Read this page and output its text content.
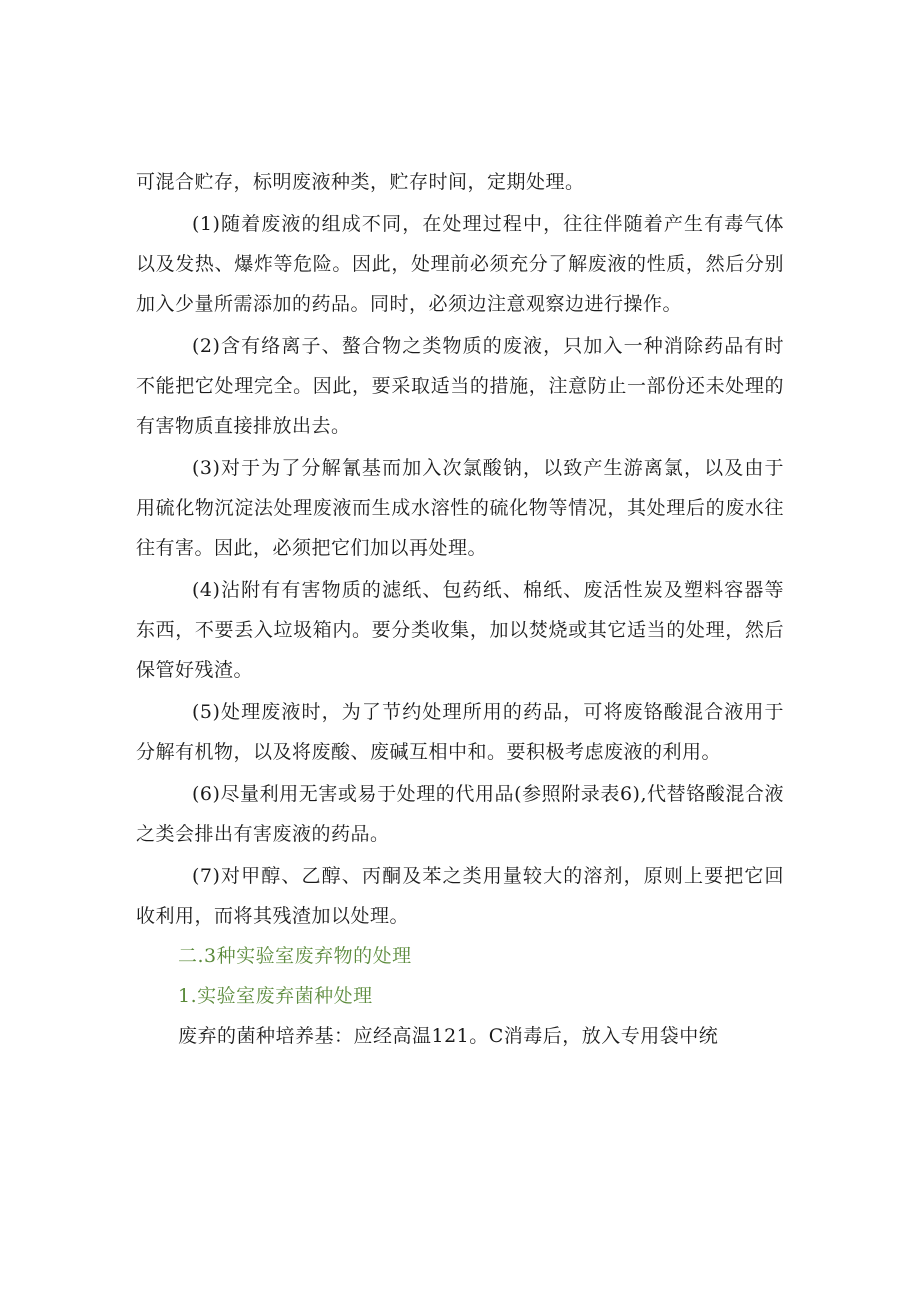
可混合贮存，标明废液种类，贮存时间，定期处理。

(1)随着废液的组成不同，在处理过程中，往往伴随着产生有毒气体以及发热、爆炸等危险。因此，处理前必须充分了解废液的性质，然后分别加入少量所需添加的药品。同时，必须边注意观察边进行操作。

(2)含有络离子、螯合物之类物质的废液，只加入一种消除药品有时不能把它处理完全。因此，要采取适当的措施，注意防止一部份还未处理的有害物质直接排放出去。

(3)对于为了分解氰基而加入次氯酸钠，以致产生游离氯，以及由于用硫化物沉淀法处理废液而生成水溶性的硫化物等情况，其处理后的废水往往有害。因此，必须把它们加以再处理。

(4)沾附有有害物质的滤纸、包药纸、棉纸、废活性炭及塑料容器等东西，不要丢入垃圾箱内。要分类收集，加以焚烧或其它适当的处理，然后保管好残渣。

(5)处理废液时，为了节约处理所用的药品，可将废铬酸混合液用于分解有机物，以及将废酸、废碱互相中和。要积极考虑废液的利用。

(6)尽量利用无害或易于处理的代用品(参照附录表6),代替铬酸混合液之类会排出有害废液的药品。

(7)对甲醇、乙醇、丙酮及苯之类用量较大的溶剂，原则上要把它回收利用，而将其残渣加以处理。

二.3种实验室废弃物的处理

1.实验室废弃菌种处理

废弃的菌种培养基：应经高温121。C消毒后，放入专用袋中统
